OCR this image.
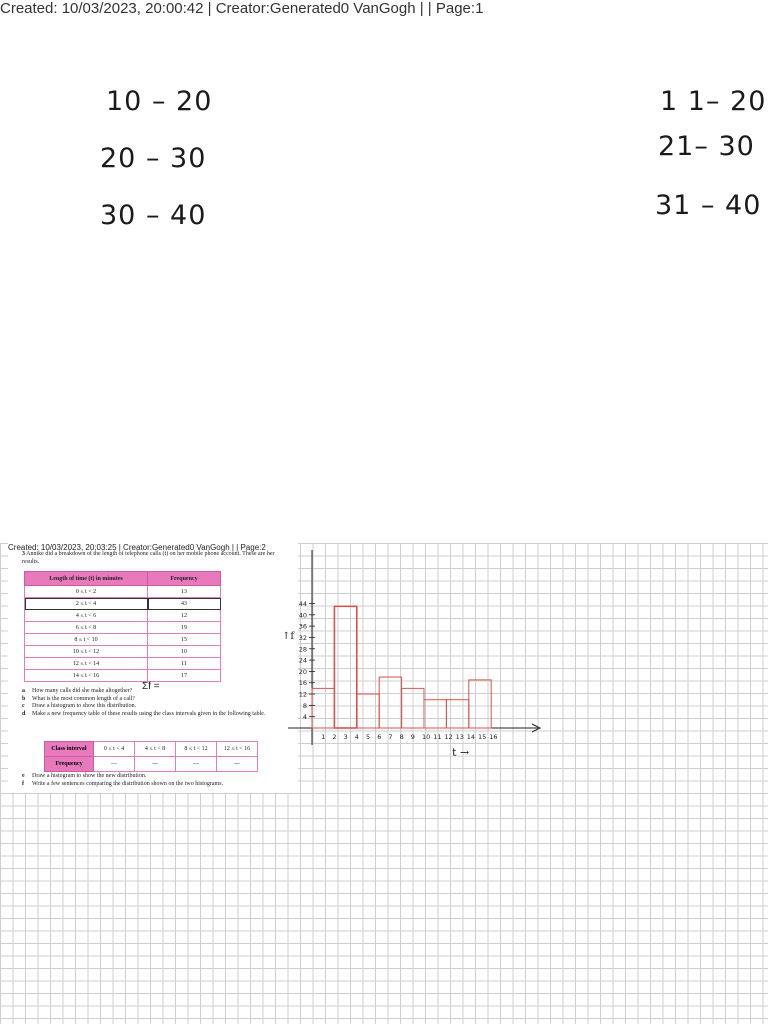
Created: 10/03/2023, 20:00:42 | Creator:Generated0 VanGogh | | Page:1
10 – 20
20 – 30
30 – 40
1 1– 20
21– 30
31 – 40
Created: 10/03/2023, 20:03:25 | Creator:Generated0 VanGogh | | Page:2
3 Annike did a breakdown of the length of telephone calls (t) on her mobile phone account. These are her results.
Length of time (t) in minutes	Frequency
0 ≤ t < 2	13
2 ≤ t < 4	43
4 ≤ t < 6	12
6 ≤ t < 8	19
8 ≤ t < 10	15
10 ≤ t < 12	10
12 ≤ t < 14	11
14 ≤ t < 16	17
Σf =
a	How many calls did she make altogether?
b	What is the most common length of a call?
c	Draw a histogram to show this distribution.
d	Make a new frequency table of these results using the class intervals given in the following table.
Class interval	0 ≤ t < 4	4 ≤ t < 8	8 ≤ t < 12	12 ≤ t < 16
Frequency	—	—	—	—
e	Draw a histogram to show the new distribution.
f	Write a few sentences comparing the distribution shown on the two histograms.
1 2 3 4 5 6 7 8 9 10 11 12 13 14 15 16
4
8
12
16
20
24
28
32
36
40
44
t →
↑f
